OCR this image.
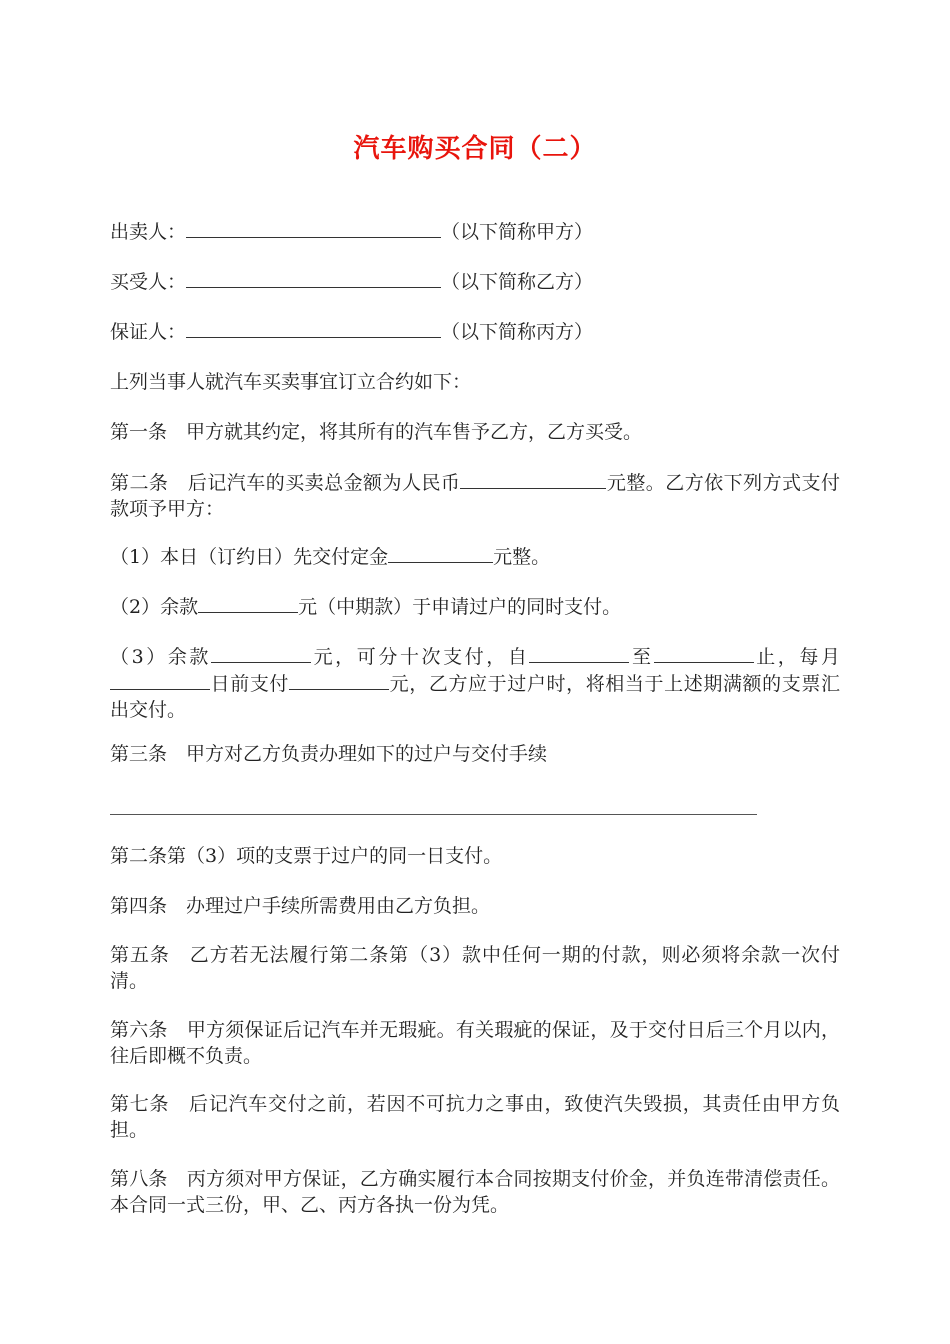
汽车购买合同（二）
出卖人：	（以下简称甲方）
买受人：	（以下简称乙方）
保证人：	（以下简称丙方）
上列当事人就汽车买卖事宜订立合约如下：
第一条　甲方就其约定，将其所有的汽车售予乙方，乙方买受。
第二条　后记汽车的买卖总金额为人民币	元整。乙方依下列方式支付款项予甲方：
（1）本日（订约日）先交付定金	元整。
（2）余款	元（中期款）于申请过户的同时支付。
（3）余款	元，可分十次支付，自	至	止，每月日前支付	元，乙方应于过户时，将相当于上述期满额的支票汇出交付。
第三条　甲方对乙方负责办理如下的过户与交付手续
第二条第（3）项的支票于过户的同一日支付。
第四条　办理过户手续所需费用由乙方负担。
第五条　乙方若无法履行第二条第（3）款中任何一期的付款，则必须将余款一次付清。
第六条　甲方须保证后记汽车并无瑕疵。有关瑕疵的保证，及于交付日后三个月以内，往后即概不负责。
第七条　后记汽车交付之前，若因不可抗力之事由，致使汽失毁损，其责任由甲方负担。
第八条　丙方须对甲方保证，乙方确实履行本合同按期支付价金，并负连带清偿责任。本合同一式三份，甲、乙、丙方各执一份为凭。
